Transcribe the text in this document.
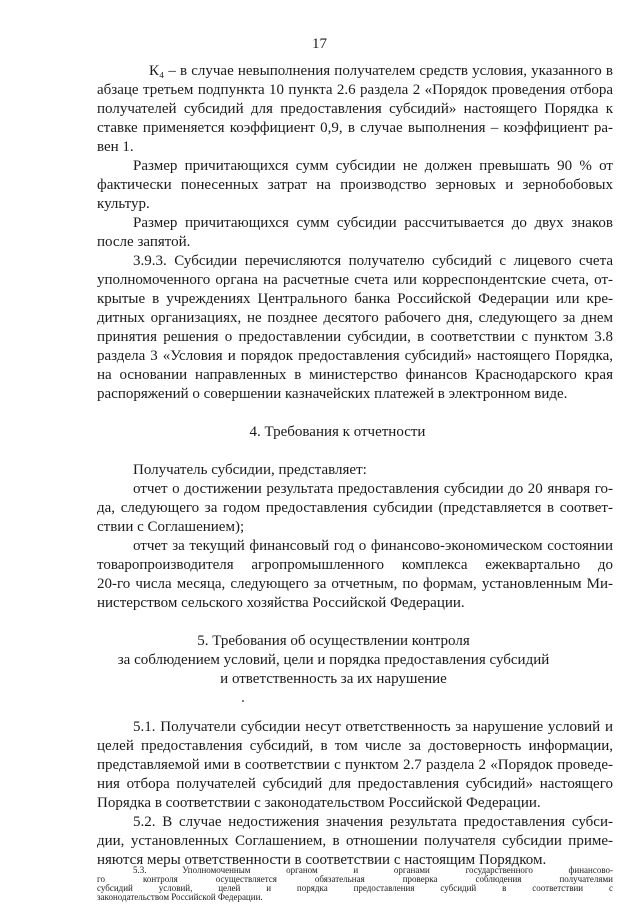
17
К₄ – в случае невыполнения получателем средств условия, указанного в
абзаце третьем подпункта 10 пункта 2.6 раздела 2 «Порядок проведения отбора
получателей субсидий для предоставления субсидий» настоящего Порядка к
ставке применяется коэффициент 0,9, в случае выполнения – коэффициент ра-
вен 1.
Размер причитающихся сумм субсидии не должен превышать 90 % от
фактически понесенных затрат на производство зерновых и зернобобовых
культур.
Размер причитающихся сумм субсидии рассчитывается до двух знаков
после запятой.
3.9.3. Субсидии перечисляются получателю субсидий с лицевого счета
уполномоченного органа на расчетные счета или корреспондентские счета, от-
крытые в учреждениях Центрального банка Российской Федерации или кре-
дитных организациях, не позднее десятого рабочего дня, следующего за днем
принятия решения о предоставлении субсидии, в соответствии с пунктом 3.8
раздела 3 «Условия и порядок предоставления субсидий» настоящего Порядка,
на основании направленных в министерство финансов Краснодарского края
распоряжений о совершении казначейских платежей в электронном виде.
4. Требования к отчетности
Получатель субсидии, представляет:
отчет о достижении результата предоставления субсидии до 20 января го-
да, следующего за годом предоставления субсидии (представляется в соответ-
ствии с Соглашением);
отчет за текущий финансовый год о финансово-экономическом состоянии
товаропроизводителя агропромышленного комплекса ежеквартально до
20-го числа месяца, следующего за отчетным, по формам, установленным Ми-
нистерством сельского хозяйства Российской Федерации.
5. Требования об осуществлении контроля
за соблюдением условий, цели и порядка предоставления субсидий
и ответственность за их нарушение
5.1. Получатели субсидии несут ответственность за нарушение условий и
целей предоставления субсидий, в том числе за достоверность информации,
представляемой ими в соответствии с пунктом 2.7 раздела 2 «Порядок проведе-
ния отбора получателей субсидий для предоставления субсидий» настоящего
Порядка в соответствии с законодательством Российской Федерации.
5.2. В случае недостижения значения результата предоставления субси-
дии, установленных Соглашением, в отношении получателя субсидии приме-
няются меры ответственности в соответствии с настоящим Порядком.
5.3. Уполномоченным органом и органами государственного финансово-
го контроля осуществляется обязательная проверка соблюдения получателями
субсидий условий, целей и порядка предоставления субсидий в соответствии с
законодательством Российской Федерации.
